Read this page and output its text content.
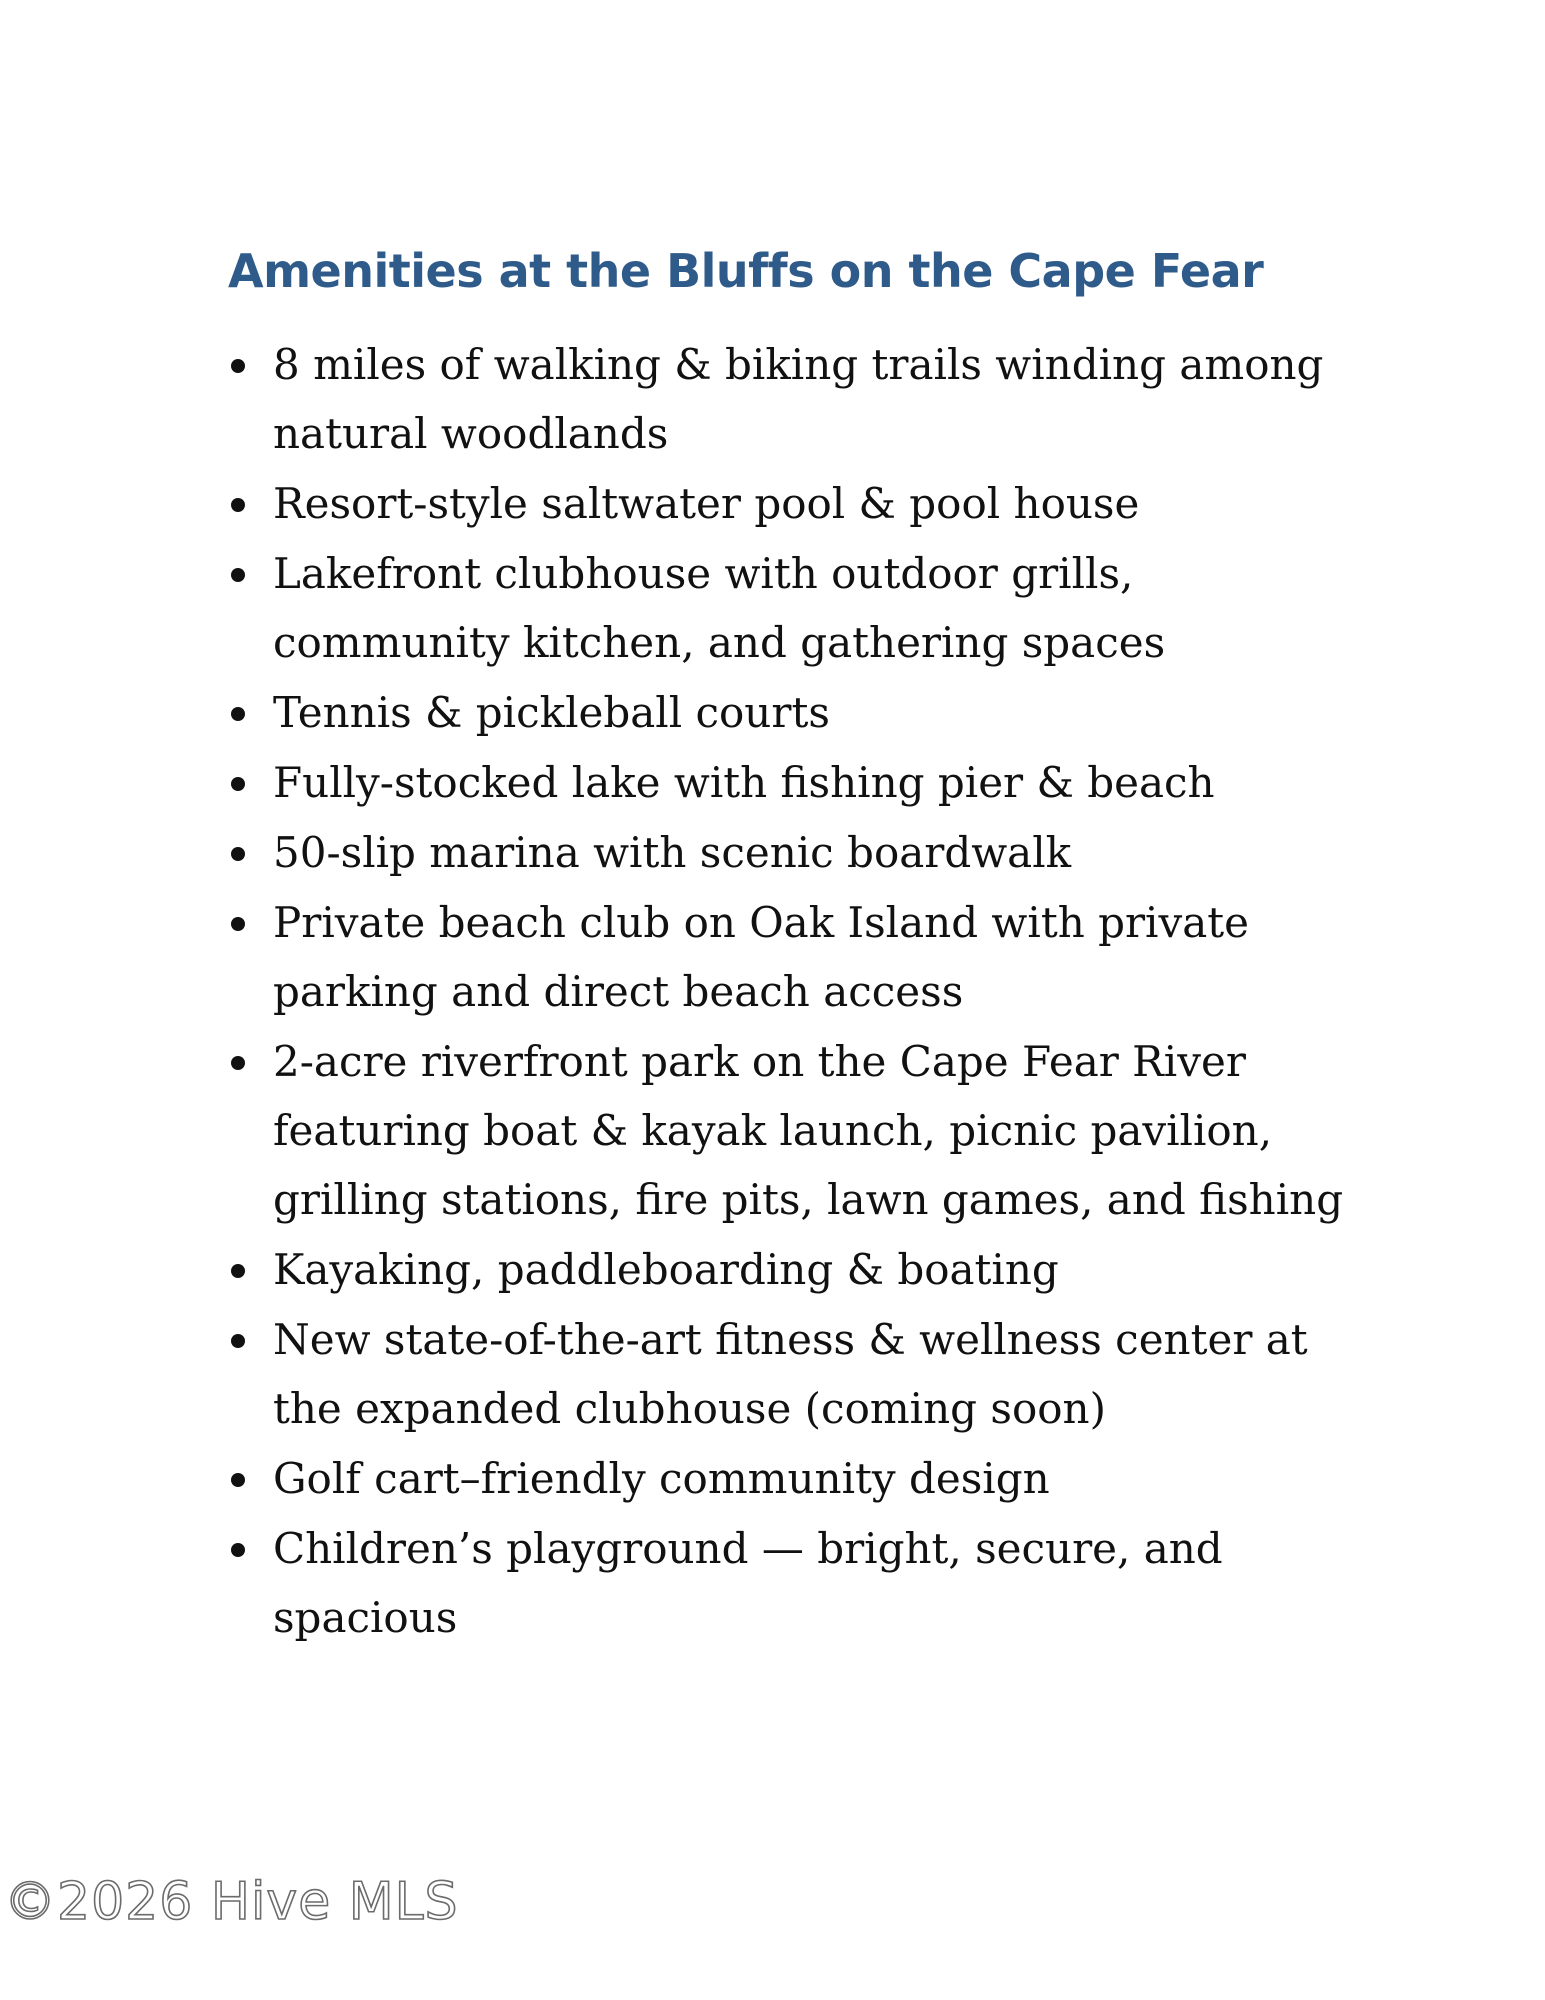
Amenities at the Bluffs on the Cape Fear
8 miles of walking & biking trails winding among natural woodlands
Resort-style saltwater pool & pool house
Lakefront clubhouse with outdoor grills, community kitchen, and gathering spaces
Tennis & pickleball courts
Fully-stocked lake with fishing pier & beach
50-slip marina with scenic boardwalk
Private beach club on Oak Island with private parking and direct beach access
2-acre riverfront park on the Cape Fear River featuring boat & kayak launch, picnic pavilion, grilling stations, fire pits, lawn games, and fishing
Kayaking, paddleboarding & boating
New state-of-the-art fitness & wellness center at the expanded clubhouse (coming soon)
Golf cart–friendly community design
Children’s playground — bright, secure, and spacious
©2026 Hive MLS
